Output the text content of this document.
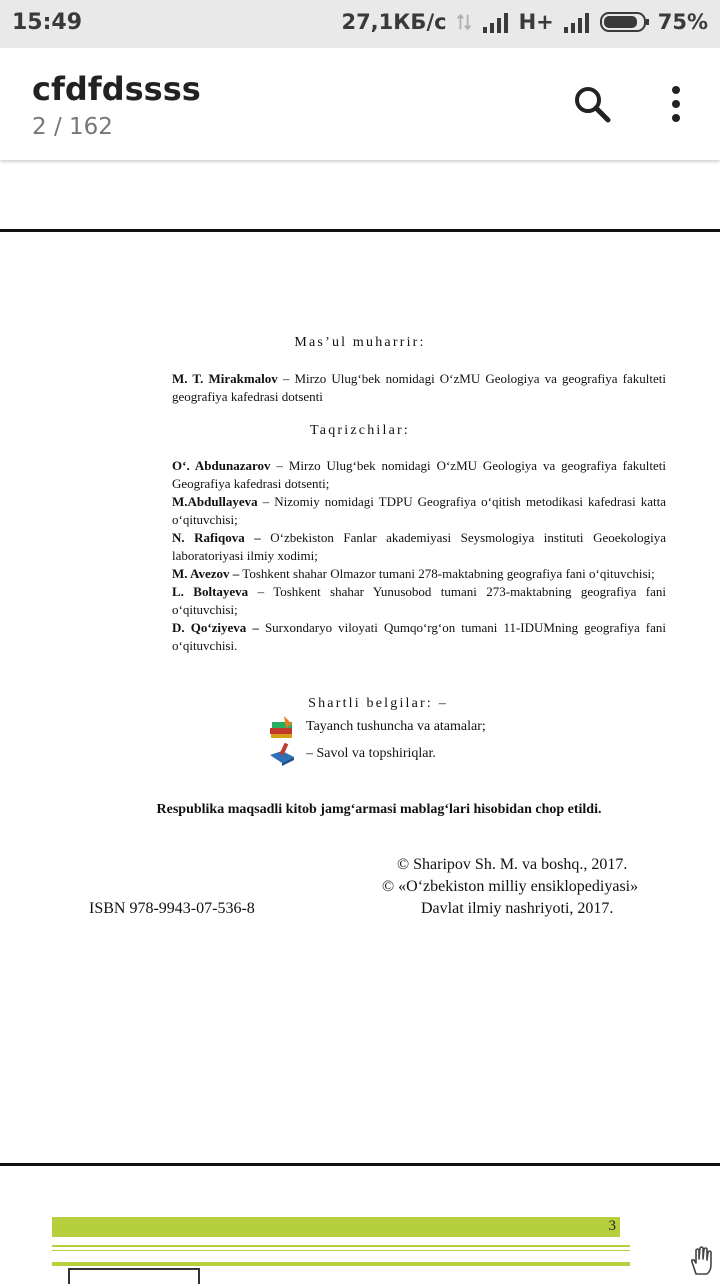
15:49	27,1КБ/с	H+	75%
cfdfdssss
2 / 162
Mas’ul muharrir:
M. T. Mirakmalov – Mirzo Ulug‘bek nomidagi O‘zMU Geologiya va geografiya fakulteti geografiya kafedrasi dotsenti
Taqrizchilar:
O‘. Abdunazarov – Mirzo Ulug‘bek nomidagi O‘zMU Geologiya va geografiya fakulteti Geografiya kafedrasi dotsenti;
M.Abdullayeva – Nizomiy nomidagi TDPU Geografiya o‘qitish metodikasi kafedrasi katta o‘qituvchisi;
N. Rafiqova – O‘zbekiston Fanlar akademiyasi Seysmologiya instituti Geoekologiya laboratoriyasi ilmiy xodimi;
M. Avezov – Toshkent shahar Olmazor tumani 278-maktabning geografiya fani o‘qituvchisi;
L. Boltayeva – Toshkent shahar Yunusobod tumani 273-maktabning geografiya fani o‘qituvchisi;
D. Qo‘ziyeva – Surxondaryo viloyati Qumqo‘rg‘on tumani 11-IDUMning geografiya fani o‘qituvchisi.
Shartli belgilar: –
Tayanch tushuncha va atamalar;
– Savol va topshiriqlar.
Respublika maqsadli kitob jamg‘armasi mablag‘lari hisobidan chop etildi.
© Sharipov Sh. M. va boshq., 2017.
© «O‘zbekiston milliy ensiklopediyasi»
Davlat ilmiy nashriyoti, 2017.
ISBN 978-9943-07-536-8
3
